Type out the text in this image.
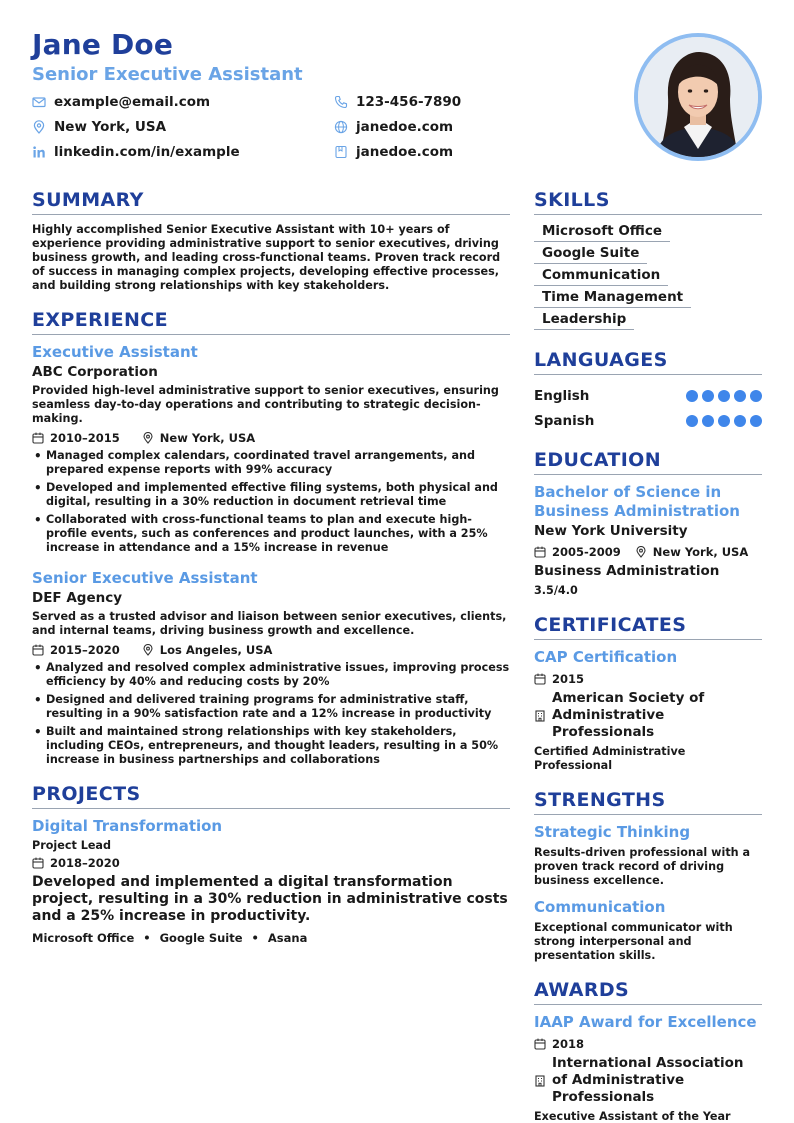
Jane Doe
Senior Executive Assistant
example@email.com	123-456-7890
New York, USA	janedoe.com
linkedin.com/in/example	janedoe.com
SUMMARY
Highly accomplished Senior Executive Assistant with 10+ years of experience providing administrative support to senior executives, driving business growth, and leading cross-functional teams. Proven track record of success in managing complex projects, developing effective processes, and building strong relationships with key stakeholders.
EXPERIENCE
Executive Assistant
ABC Corporation
Provided high-level administrative support to senior executives, ensuring seamless day-to-day operations and contributing to strategic decision-making.
2010–2015	New York, USA
• Managed complex calendars, coordinated travel arrangements, and prepared expense reports with 99% accuracy
• Developed and implemented effective filing systems, both physical and digital, resulting in a 30% reduction in document retrieval time
• Collaborated with cross-functional teams to plan and execute high-profile events, such as conferences and product launches, with a 25% increase in attendance and a 15% increase in revenue
Senior Executive Assistant
DEF Agency
Served as a trusted advisor and liaison between senior executives, clients, and internal teams, driving business growth and excellence.
2015–2020	Los Angeles, USA
• Analyzed and resolved complex administrative issues, improving process efficiency by 40% and reducing costs by 20%
• Designed and delivered training programs for administrative staff, resulting in a 90% satisfaction rate and a 12% increase in productivity
• Built and maintained strong relationships with key stakeholders, including CEOs, entrepreneurs, and thought leaders, resulting in a 50% increase in business partnerships and collaborations
PROJECTS
Digital Transformation
Project Lead
2018–2020
Developed and implemented a digital transformation project, resulting in a 30% reduction in administrative costs and a 25% increase in productivity.
Microsoft Office • Google Suite • Asana
SKILLS
Microsoft Office
Google Suite
Communication
Time Management
Leadership
LANGUAGES
English
Spanish
EDUCATION
Bachelor of Science in Business Administration
New York University
2005-2009	New York, USA
Business Administration
3.5/4.0
CERTIFICATES
CAP Certification
2015
American Society of Administrative Professionals
Certified Administrative Professional
STRENGTHS
Strategic Thinking
Results-driven professional with a proven track record of driving business excellence.
Communication
Exceptional communicator with strong interpersonal and presentation skills.
AWARDS
IAAP Award for Excellence
2018
International Association of Administrative Professionals
Executive Assistant of the Year
